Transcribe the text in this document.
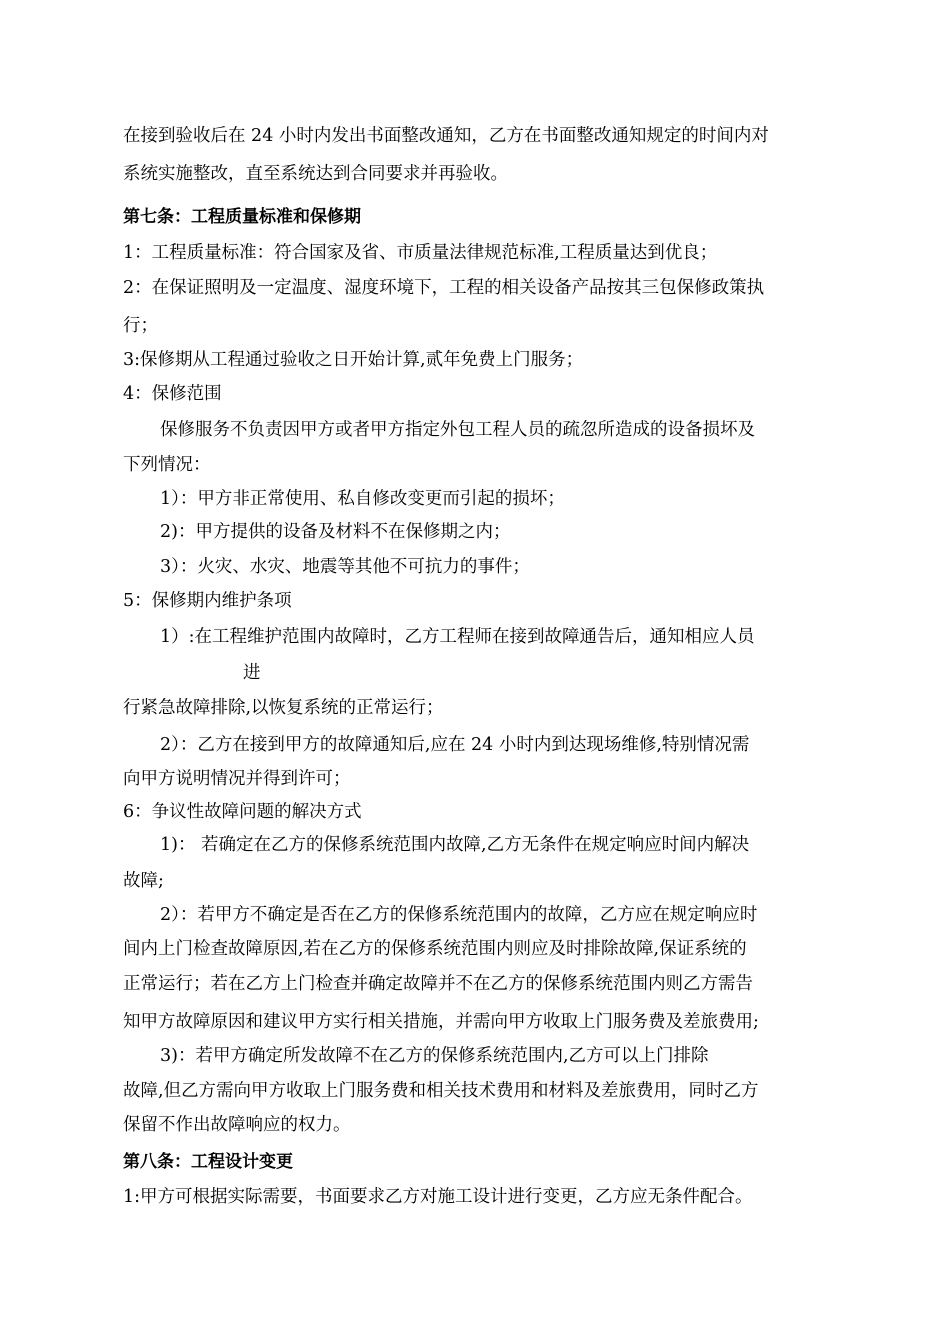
在接到验收后在 24 小时内发出书面整改通知，乙方在书面整改通知规定的时间内对
系统实施整改，直至系统达到合同要求并再验收。
第七条：工程质量标准和保修期
1：工程质量标准：符合国家及省、市质量法律规范标准,工程质量达到优良；
2：在保证照明及一定温度、湿度环境下，工程的相关设备产品按其三包保修政策执
行；
3:保修期从工程通过验收之日开始计算,贰年免费上门服务；
4：保修范围
保修服务不负责因甲方或者甲方指定外包工程人员的疏忽所造成的设备损坏及
下列情况：
1）：甲方非正常使用、私自修改变更而引起的损坏；
2)：甲方提供的设备及材料不在保修期之内；
3）：火灾、水灾、地震等其他不可抗力的事件；
5：保修期内维护条项
1）:在工程维护范围内故障时，乙方工程师在接到故障通告后，通知相应人员
进
行紧急故障排除,以恢复系统的正常运行；
2）：乙方在接到甲方的故障通知后,应在 24 小时内到达现场维修,特别情况需
向甲方说明情况并得到许可；
6：争议性故障问题的解决方式
1)： 若确定在乙方的保修系统范围内故障,乙方无条件在规定响应时间内解决
故障;
2）：若甲方不确定是否在乙方的保修系统范围内的故障，乙方应在规定响应时
间内上门检查故障原因,若在乙方的保修系统范围内则应及时排除故障,保证系统的
正常运行；若在乙方上门检查并确定故障并不在乙方的保修系统范围内则乙方需告
知甲方故障原因和建议甲方实行相关措施，并需向甲方收取上门服务费及差旅费用;
3)：若甲方确定所发故障不在乙方的保修系统范围内,乙方可以上门排除
故障,但乙方需向甲方收取上门服务费和相关技术费用和材料及差旅费用，同时乙方
保留不作出故障响应的权力。
第八条：工程设计变更
1:甲方可根据实际需要，书面要求乙方对施工设计进行变更，乙方应无条件配合。
